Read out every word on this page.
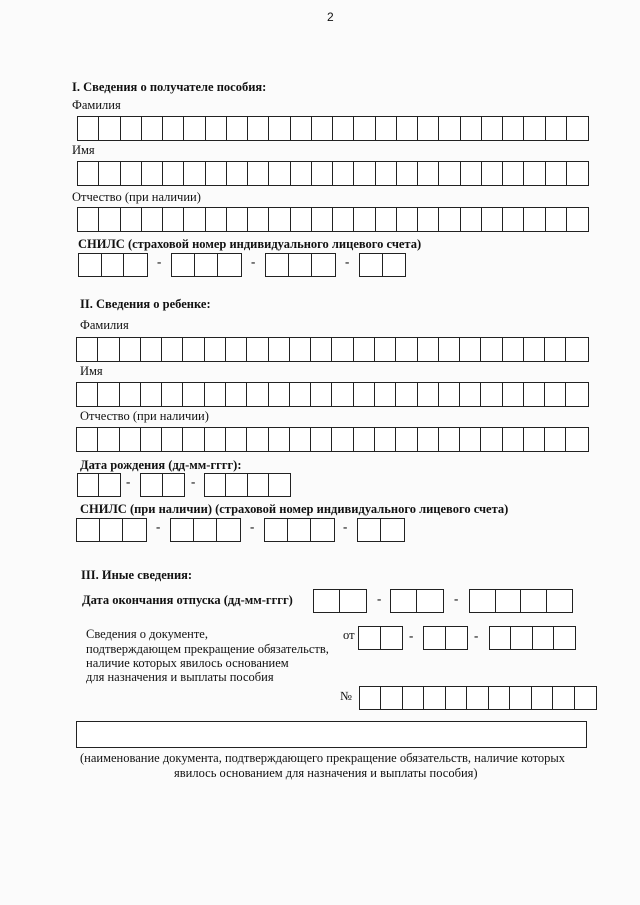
2
I. Сведения о получателе пособия:
Фамилия
Имя
Отчество (при наличии)
СНИЛС (страховой номер индивидуального лицевого счета)
-	-	-
II. Сведения о ребенке:
Фамилия
Имя
Отчество (при наличии)
Дата рождения (дд-мм-гггг):
-	-
СНИЛС (при наличии) (страховой номер индивидуального лицевого счета)
-	-	-
III. Иные сведения:
Дата окончания отпуска (дд-мм-гггг)	-	-
Сведения о документе,
подтверждающем прекращение обязательств,
наличие которых явилось основанием
для назначения и выплаты пособия
от	-	-
№
(наименование документа, подтверждающего прекращение обязательств, наличие которых
явилось основанием для назначения и выплаты пособия)
